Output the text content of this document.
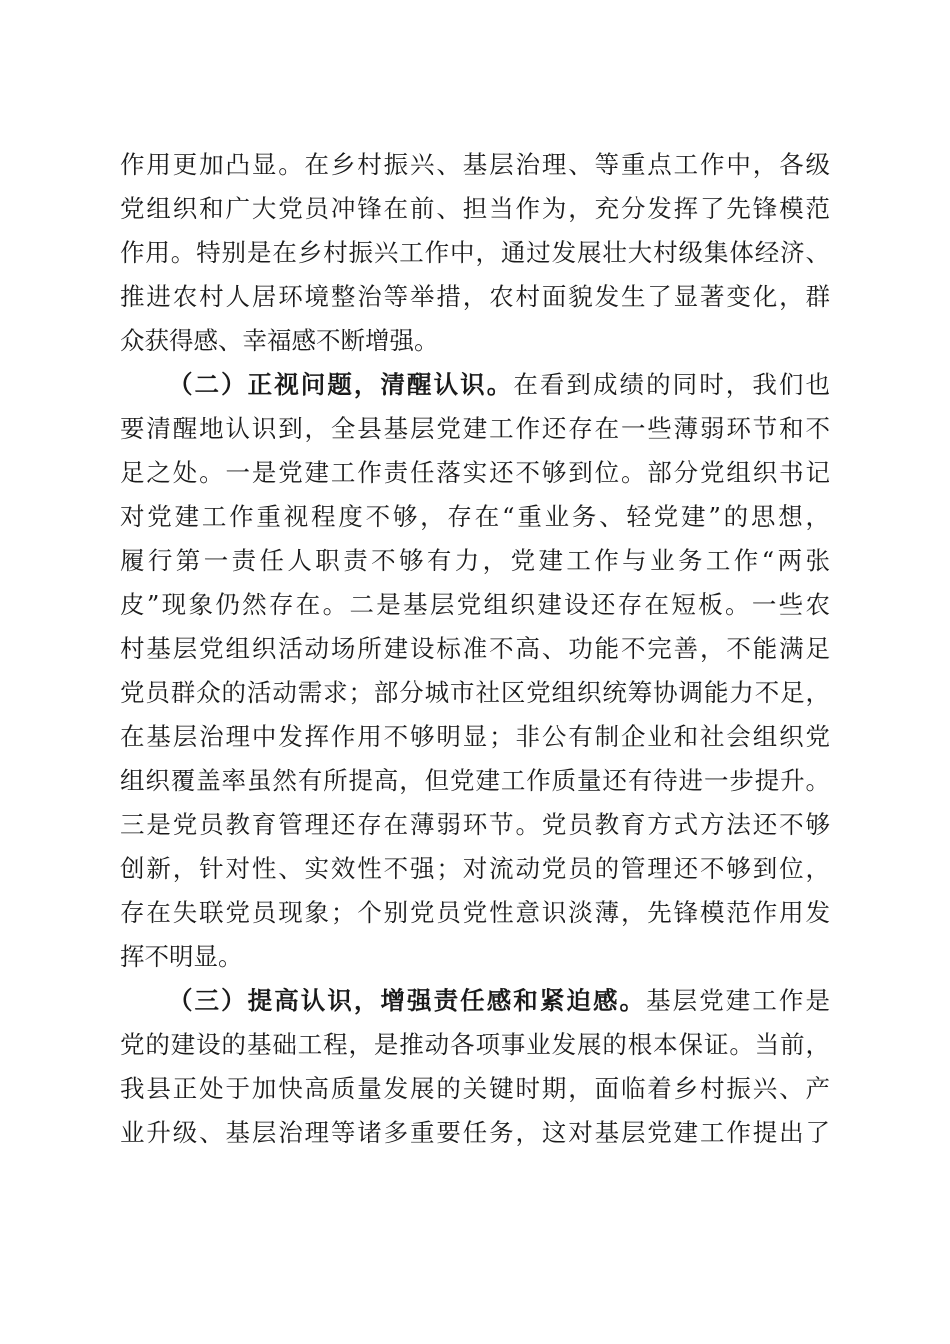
作用更加凸显。在乡村振兴、基层治理、等重点工作中，各级
党组织和广大党员冲锋在前、担当作为，充分发挥了先锋模范
作用。特别是在乡村振兴工作中，通过发展壮大村级集体经济、
推进农村人居环境整治等举措，农村面貌发生了显著变化，群
众获得感、幸福感不断增强。
（二）正视问题，清醒认识。在看到成绩的同时，我们也
要清醒地认识到，全县基层党建工作还存在一些薄弱环节和不
足之处。一是党建工作责任落实还不够到位。部分党组织书记
对党建工作重视程度不够，存在“重业务、轻党建”的思想，
履行第一责任人职责不够有力，党建工作与业务工作“两张
皮”现象仍然存在。二是基层党组织建设还存在短板。一些农
村基层党组织活动场所建设标准不高、功能不完善，不能满足
党员群众的活动需求；部分城市社区党组织统筹协调能力不足，
在基层治理中发挥作用不够明显；非公有制企业和社会组织党
组织覆盖率虽然有所提高，但党建工作质量还有待进一步提升。
三是党员教育管理还存在薄弱环节。党员教育方式方法还不够
创新，针对性、实效性不强；对流动党员的管理还不够到位，
存在失联党员现象；个别党员党性意识淡薄，先锋模范作用发
挥不明显。
（三）提高认识，增强责任感和紧迫感。基层党建工作是
党的建设的基础工程，是推动各项事业发展的根本保证。当前，
我县正处于加快高质量发展的关键时期，面临着乡村振兴、产
业升级、基层治理等诸多重要任务，这对基层党建工作提出了
